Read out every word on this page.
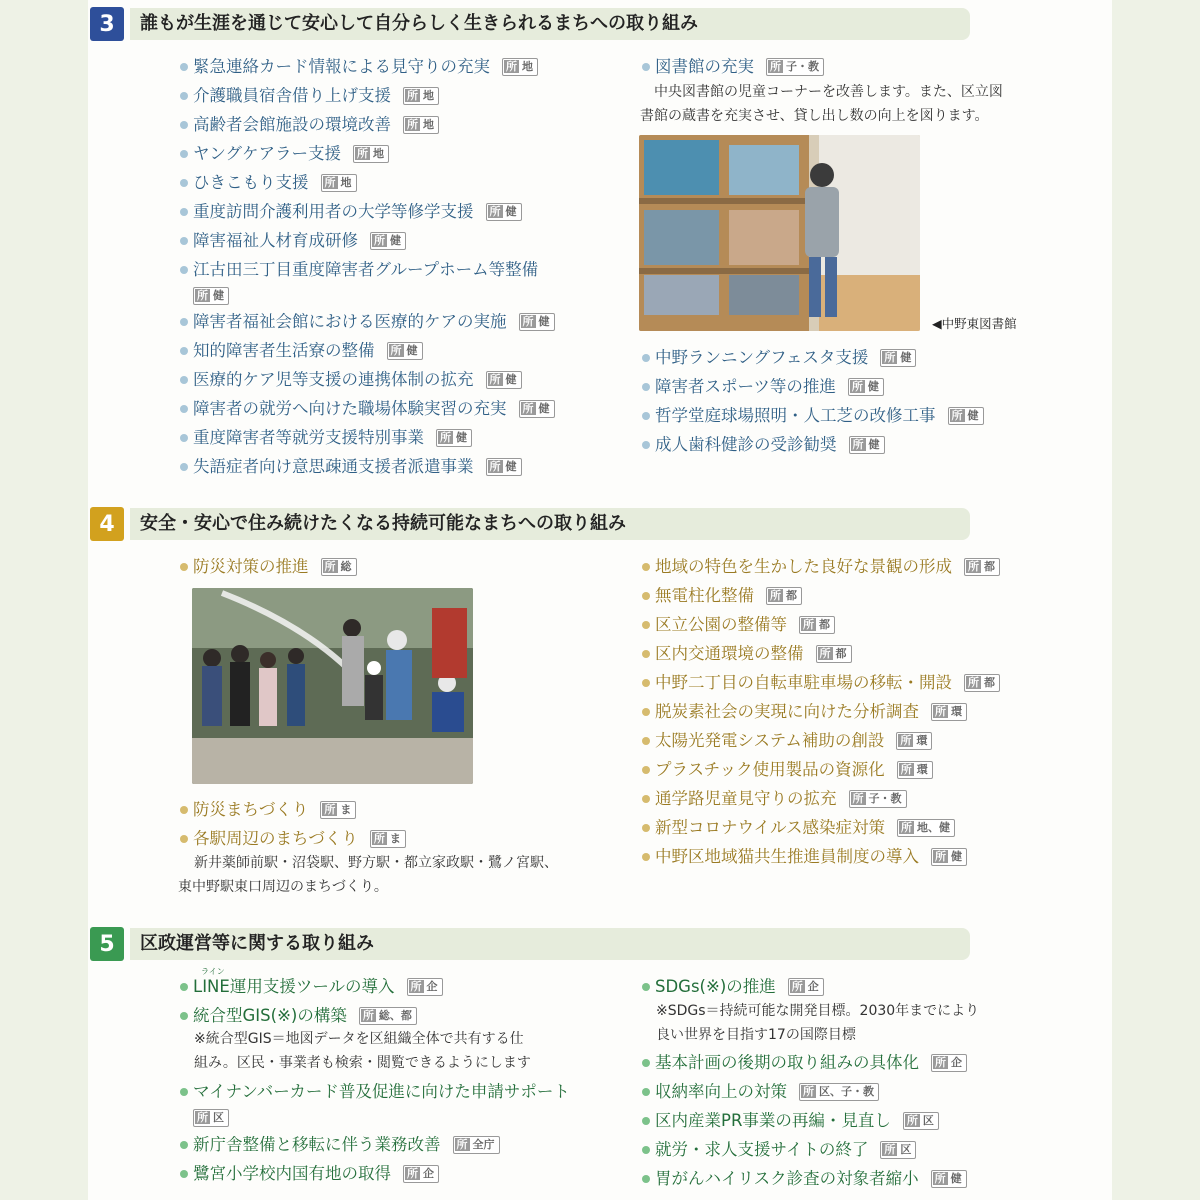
3	誰もが生涯を通じて安心して自分らしく生きられるまちへの取り組み
緊急連絡カード情報による見守りの充実	所 地
介護職員宿舎借り上げ支援	所 地
高齢者会館施設の環境改善	所 地
ヤングケアラー支援	所 地
ひきこもり支援	所 地
重度訪問介護利用者の大学等修学支援	所 健
障害福祉人材育成研修	所 健
江古田三丁目重度障害者グループホーム等整備
所 健
障害者福祉会館における医療的ケアの実施	所 健
知的障害者生活寮の整備	所 健
医療的ケア児等支援の連携体制の拡充	所 健
障害者の就労へ向けた職場体験実習の充実	所 健
重度障害者等就労支援特別事業	所 健
失語症者向け意思疎通支援者派遣事業	所 健
図書館の充実	所 子・教
中央図書館の児童コーナーを改善します。また、区立図
書館の蔵書を充実させ、貸し出し数の向上を図ります。
◀中野東図書館
中野ランニングフェスタ支援	所 健
障害者スポーツ等の推進	所 健
哲学堂庭球場照明・人工芝の改修工事	所 健
成人歯科健診の受診勧奨	所 健
4	安全・安心で住み続けたくなる持続可能なまちへの取り組み
防災対策の推進	所 総
防災まちづくり	所 ま
各駅周辺のまちづくり	所 ま
新井薬師前駅・沼袋駅、野方駅・都立家政駅・鷺ノ宮駅、
東中野駅東口周辺のまちづくり。
地域の特色を生かした良好な景観の形成	所 都
無電柱化整備	所 都
区立公園の整備等	所 都
区内交通環境の整備	所 都
中野二丁目の自転車駐車場の移転・開設	所 都
脱炭素社会の実現に向けた分析調査	所 環
太陽光発電システム補助の創設	所 環
プラスチック使用製品の資源化	所 環
通学路児童見守りの拡充	所 子・教
新型コロナウイルス感染症対策	所 地、健
中野区地域猫共生推進員制度の導入	所 健
5	区政運営等に関する取り組み
ライン
LINE運用支援ツールの導入	所 企
統合型GIS(※)の構築	所 総、都
※統合型GIS＝地図データを区組織全体で共有する仕
組み。区民・事業者も検索・閲覧できるようにします
マイナンバーカード普及促進に向けた申請サポート
所 区
新庁舎整備と移転に伴う業務改善	所 全庁
鷺宮小学校内国有地の取得	所 企
SDGs(※)の推進	所 企
※SDGs＝持続可能な開発目標。2030年までにより
良い世界を目指す17の国際目標
基本計画の後期の取り組みの具体化	所 企
収納率向上の対策	所 区、子・教
区内産業PR事業の再編・見直し	所 区
就労・求人支援サイトの終了	所 区
胃がんハイリスク診査の対象者縮小	所 健
